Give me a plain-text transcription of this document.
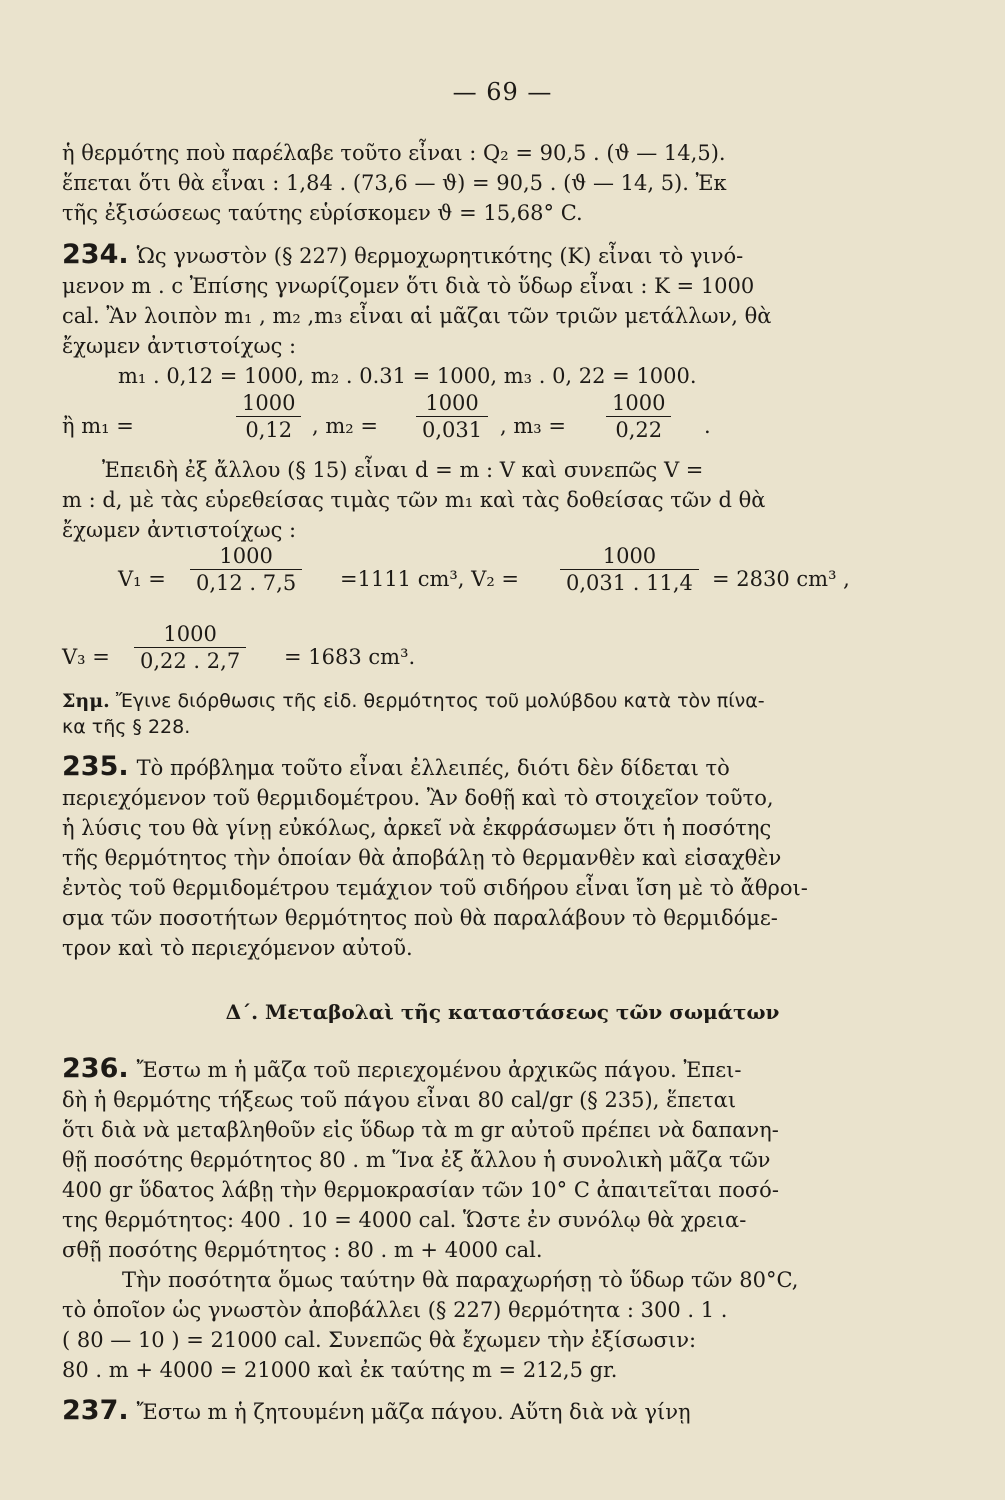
— 69 —
ἡ θερμότης ποὺ παρέλαβε τοῦτο εἶναι : Q₂ = 90,5 . (ϑ — 14,5).
ἕπεται ὅτι θὰ εἶναι : 1,84 . (73,6 — ϑ) = 90,5 . (ϑ — 14, 5). Ἐκ
τῆς ἐξισώσεως ταύτης εὑρίσκομεν ϑ = 15,68° C.
234. Ὡς γνωστὸν (§ 227) θερμοχωρητικότης (K) εἶναι τὸ γινό-
μενον m . c Ἐπίσης γνωρίζομεν ὅτι διὰ τὸ ὕδωρ εἶναι : K = 1000
cal. Ἂν λοιπὸν m₁ , m₂ ,m₃ εἶναι αἱ μᾶζαι τῶν τριῶν μετάλλων, θὰ
ἔχωμεν ἀντιστοίχως :
m₁ . 0,12 = 1000, m₂ . 0.31 = 1000, m₃ . 0, 22 = 1000.
ἢ m₁ =
1000
0,12 , m₂ =
1000
0,031 , m₃ =
1000
0,22	.
Ἐπειδὴ ἐξ ἄλλου (§ 15) εἶναι d = m : V καὶ συνεπῶς V =
m : d, μὲ τὰς εὑρεθείσας τιμὰς τῶν m₁ καὶ τὰς δοθείσας τῶν d θὰ
ἔχωμεν ἀντιστοίχως :
V₁ =
1000
0,12 . 7,5 =1111 cm³, V₂ =
1000
0,031 . 11,4 = 2830 cm³ ,
V₃ =
1000
0,22 . 2,7 = 1683 cm³.
Σημ. Ἔγινε διόρθωσις τῆς εἰδ. θερμότητος τοῦ μολύβδου κατὰ τὸν πίνα-
κα τῆς § 228.
235. Τὸ πρόβλημα τοῦτο εἶναι ἐλλειπές, διότι δὲν δίδεται τὸ
περιεχόμενον τοῦ θερμιδομέτρου. Ἂν δοθῇ καὶ τὸ στοιχεῖον τοῦτο,
ἡ λύσις του θὰ γίνῃ εὐκόλως, ἀρκεῖ νὰ ἐκφράσωμεν ὅτι ἡ ποσότης
τῆς θερμότητος τὴν ὁποίαν θὰ ἀποβάλῃ τὸ θερμανθὲν καὶ εἰσαχθὲν
ἐντὸς τοῦ θερμιδομέτρου τεμάχιον τοῦ σιδήρου εἶναι ἴση μὲ τὸ ἄθροι-
σμα τῶν ποσοτήτων θερμότητος ποὺ θὰ παραλάβουν τὸ θερμιδόμε-
τρον καὶ τὸ περιεχόμενον αὐτοῦ.
Δ΄. Μεταβολαὶ τῆς καταστάσεως τῶν σωμάτων
236. Ἔστω m ἡ μᾶζα τοῦ περιεχομένου ἀρχικῶς πάγου. Ἐπει-
δὴ ἡ θερμότης τήξεως τοῦ πάγου εἶναι 80 cal/gr (§ 235), ἕπεται
ὅτι διὰ νὰ μεταβληθοῦν εἰς ὕδωρ τὰ m gr αὐτοῦ πρέπει νὰ δαπανη-
θῇ ποσότης θερμότητος 80 . m Ἵνα ἐξ ἄλλου ἡ συνολικὴ μᾶζα τῶν
400 gr ὕδατος λάβῃ τὴν θερμοκρασίαν τῶν 10° C ἀπαιτεῖται ποσό-
της θερμότητος: 400 . 10 = 4000 cal. Ὥστε ἐν συνόλῳ θὰ χρεια-
σθῇ ποσότης θερμότητος : 80 . m + 4000 cal.
Τὴν ποσότητα ὅμως ταύτην θὰ παραχωρήσῃ τὸ ὕδωρ τῶν 80°C,
τὸ ὁποῖον ὡς γνωστὸν ἀποβάλλει (§ 227) θερμότητα : 300 . 1 .
( 80 — 10 ) = 21000 cal. Συνεπῶς θὰ ἔχωμεν τὴν ἐξίσωσιν:
80 . m + 4000 = 21000 καὶ ἐκ ταύτης m = 212,5 gr.
237. Ἔστω m ἡ ζητουμένη μᾶζα πάγου. Αὕτη διὰ νὰ γίνῃ
